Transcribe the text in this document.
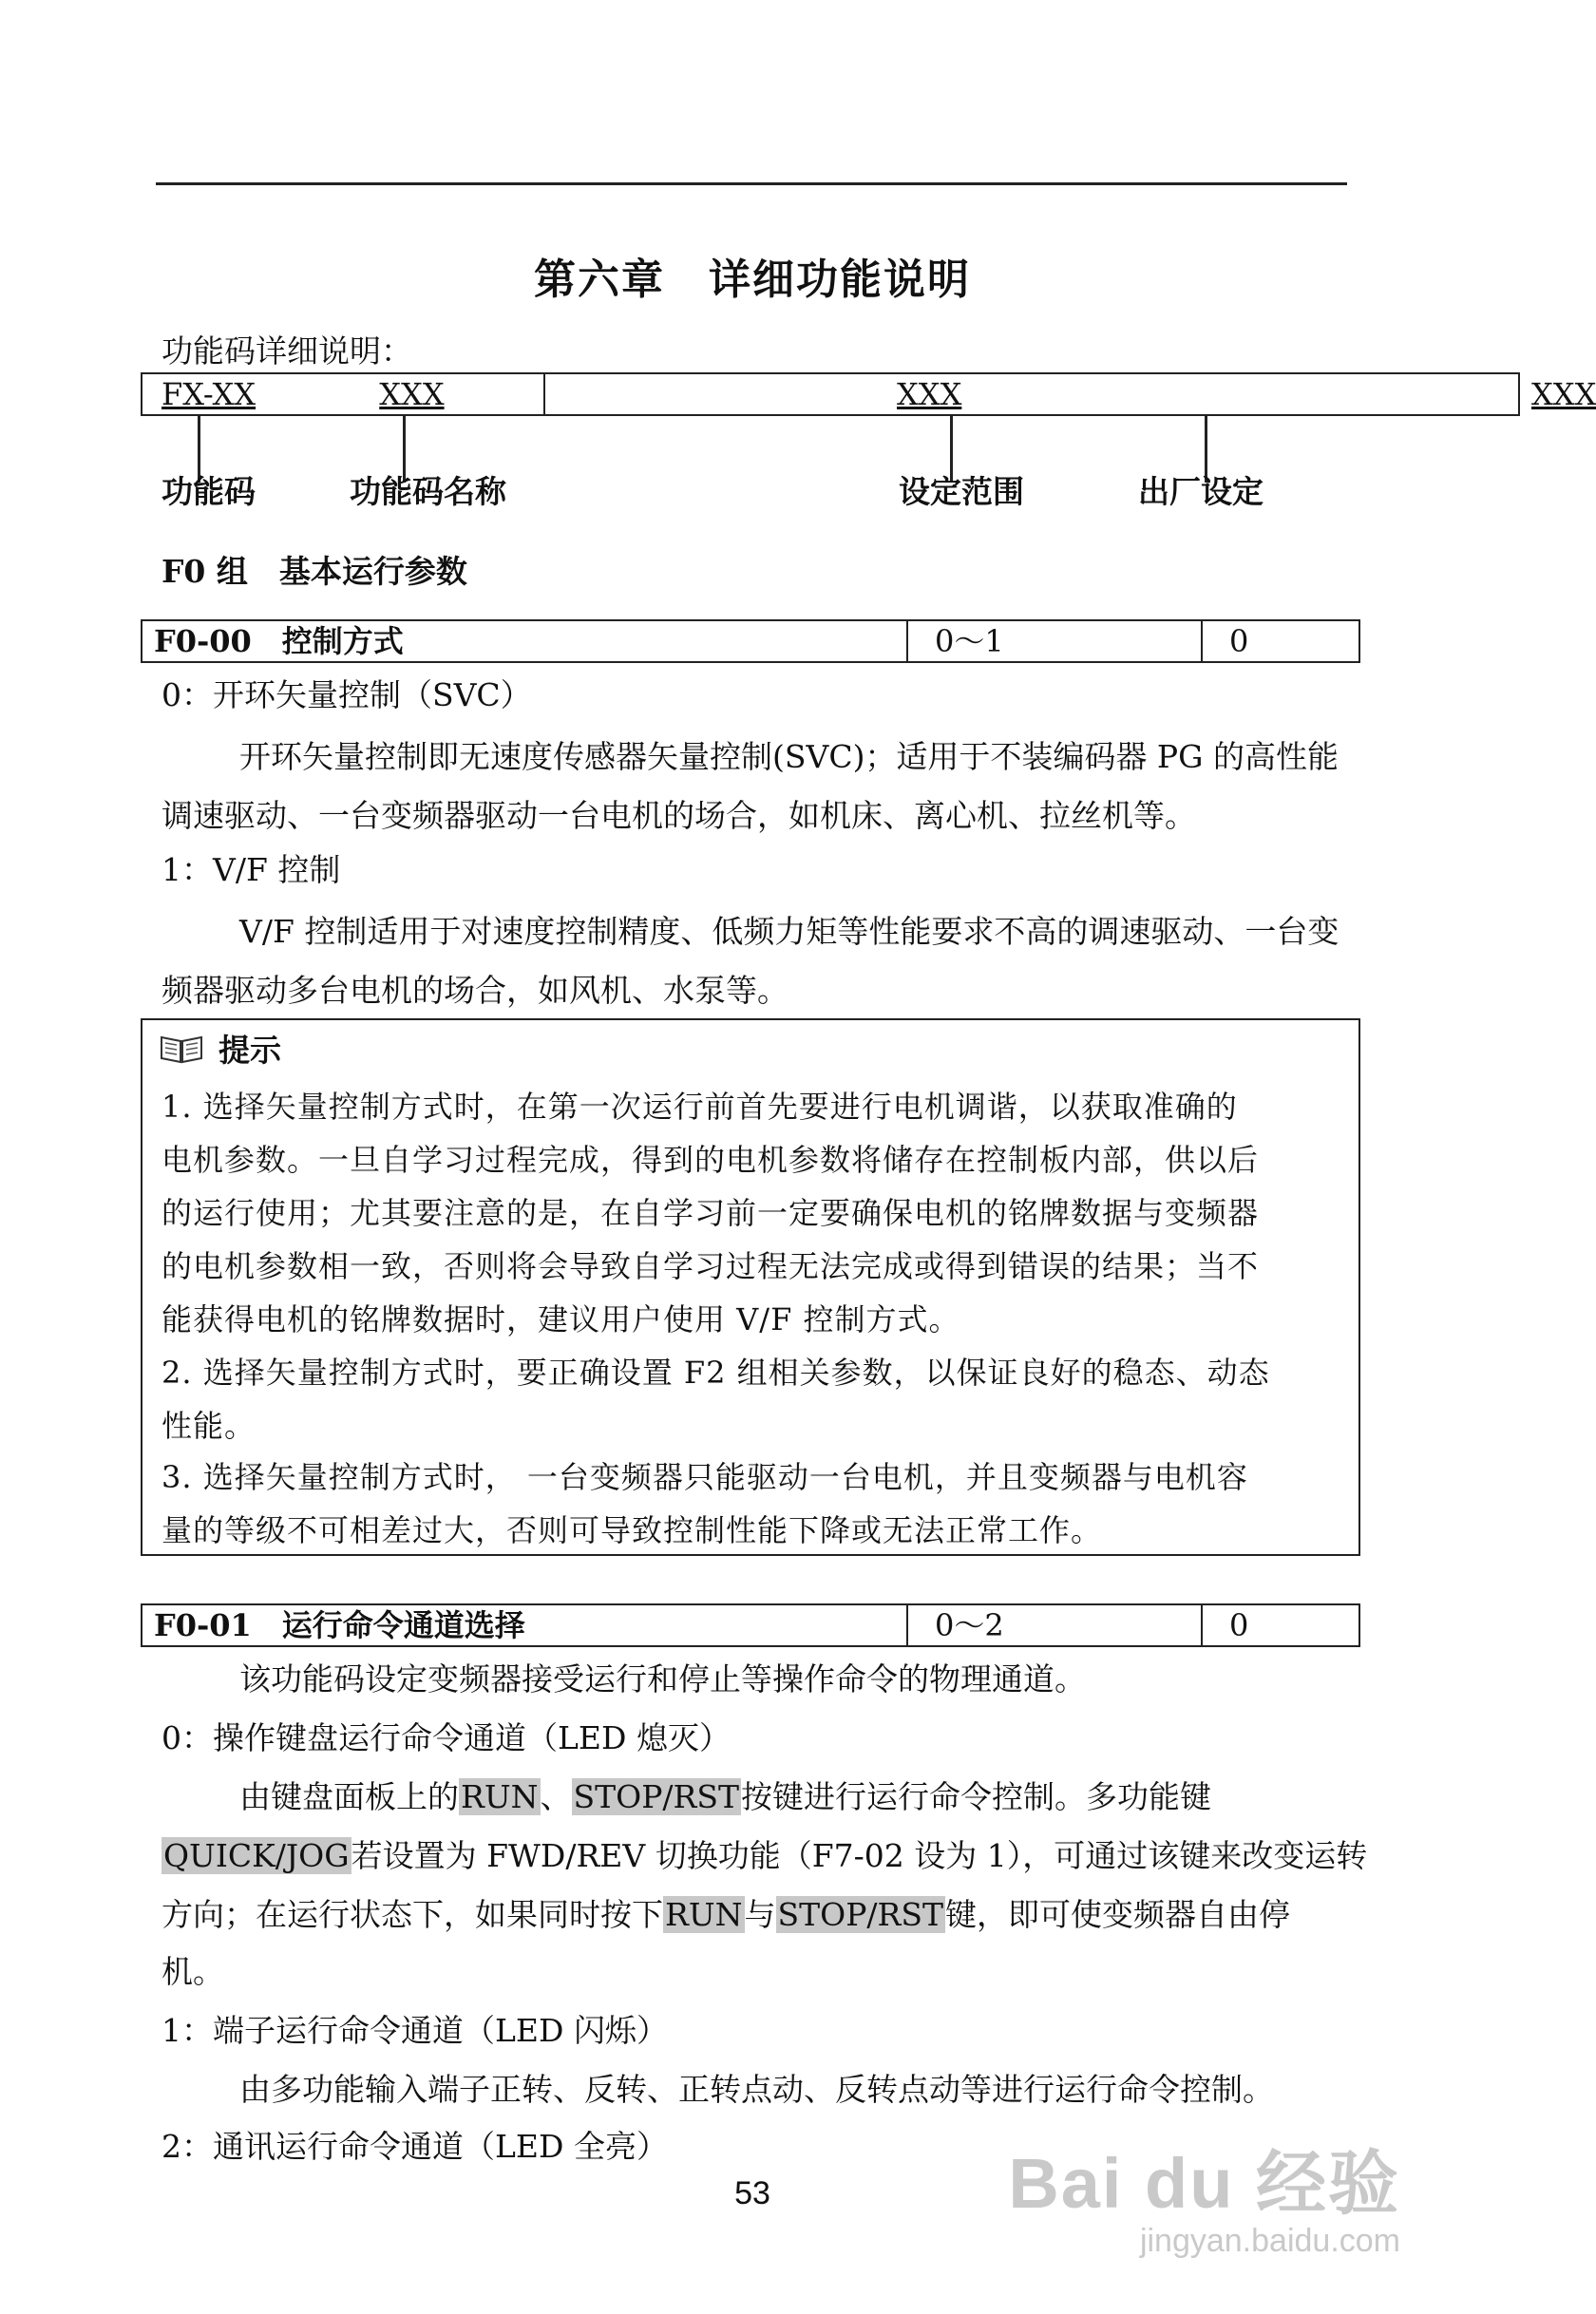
第六章　详细功能说明
功能码详细说明：
FX-XX	XXX	XXX	XXX
功能码	功能码名称	设定范围	出厂设定
F0 组　基本运行参数
F0-00　控制方式	0～1	0
0：开环矢量控制（SVC）
开环矢量控制即无速度传感器矢量控制(SVC)；适用于不装编码器 PG 的高性能调速驱动、一台变频器驱动一台电机的场合，如机床、离心机、拉丝机等。
1：V/F 控制
V/F 控制适用于对速度控制精度、低频力矩等性能要求不高的调速驱动、一台变频器驱动多台电机的场合，如风机、水泵等。
提示
1. 选择矢量控制方式时，在第一次运行前首先要进行电机调谐，以获取准确的
电机参数。一旦自学习过程完成，得到的电机参数将储存在控制板内部，供以后
的运行使用；尤其要注意的是，在自学习前一定要确保电机的铭牌数据与变频器
的电机参数相一致，否则将会导致自学习过程无法完成或得到错误的结果；当不
能获得电机的铭牌数据时，建议用户使用 V/F 控制方式。
2. 选择矢量控制方式时，要正确设置 F2 组相关参数，以保证良好的稳态、动态
性能。
3. 选择矢量控制方式时， 一台变频器只能驱动一台电机，并且变频器与电机容
量的等级不可相差过大，否则可导致控制性能下降或无法正常工作。
F0-01　运行命令通道选择	0～2	0
该功能码设定变频器接受运行和停止等操作命令的物理通道。
0：操作键盘运行命令通道（LED 熄灭）
由键盘面板上的RUN、STOP/RST按键进行运行命令控制。多功能键
QUICK/JOG若设置为 FWD/REV 切换功能（F7-02 设为 1），可通过该键来改变运转
方向；在运行状态下，如果同时按下RUN与STOP/RST键，即可使变频器自由停
机。
1：端子运行命令通道（LED 闪烁）
由多功能输入端子正转、反转、正转点动、反转点动等进行运行命令控制。
2：通讯运行命令通道（LED 全亮）
53	Bai du 经验
jingyan.baidu.com
